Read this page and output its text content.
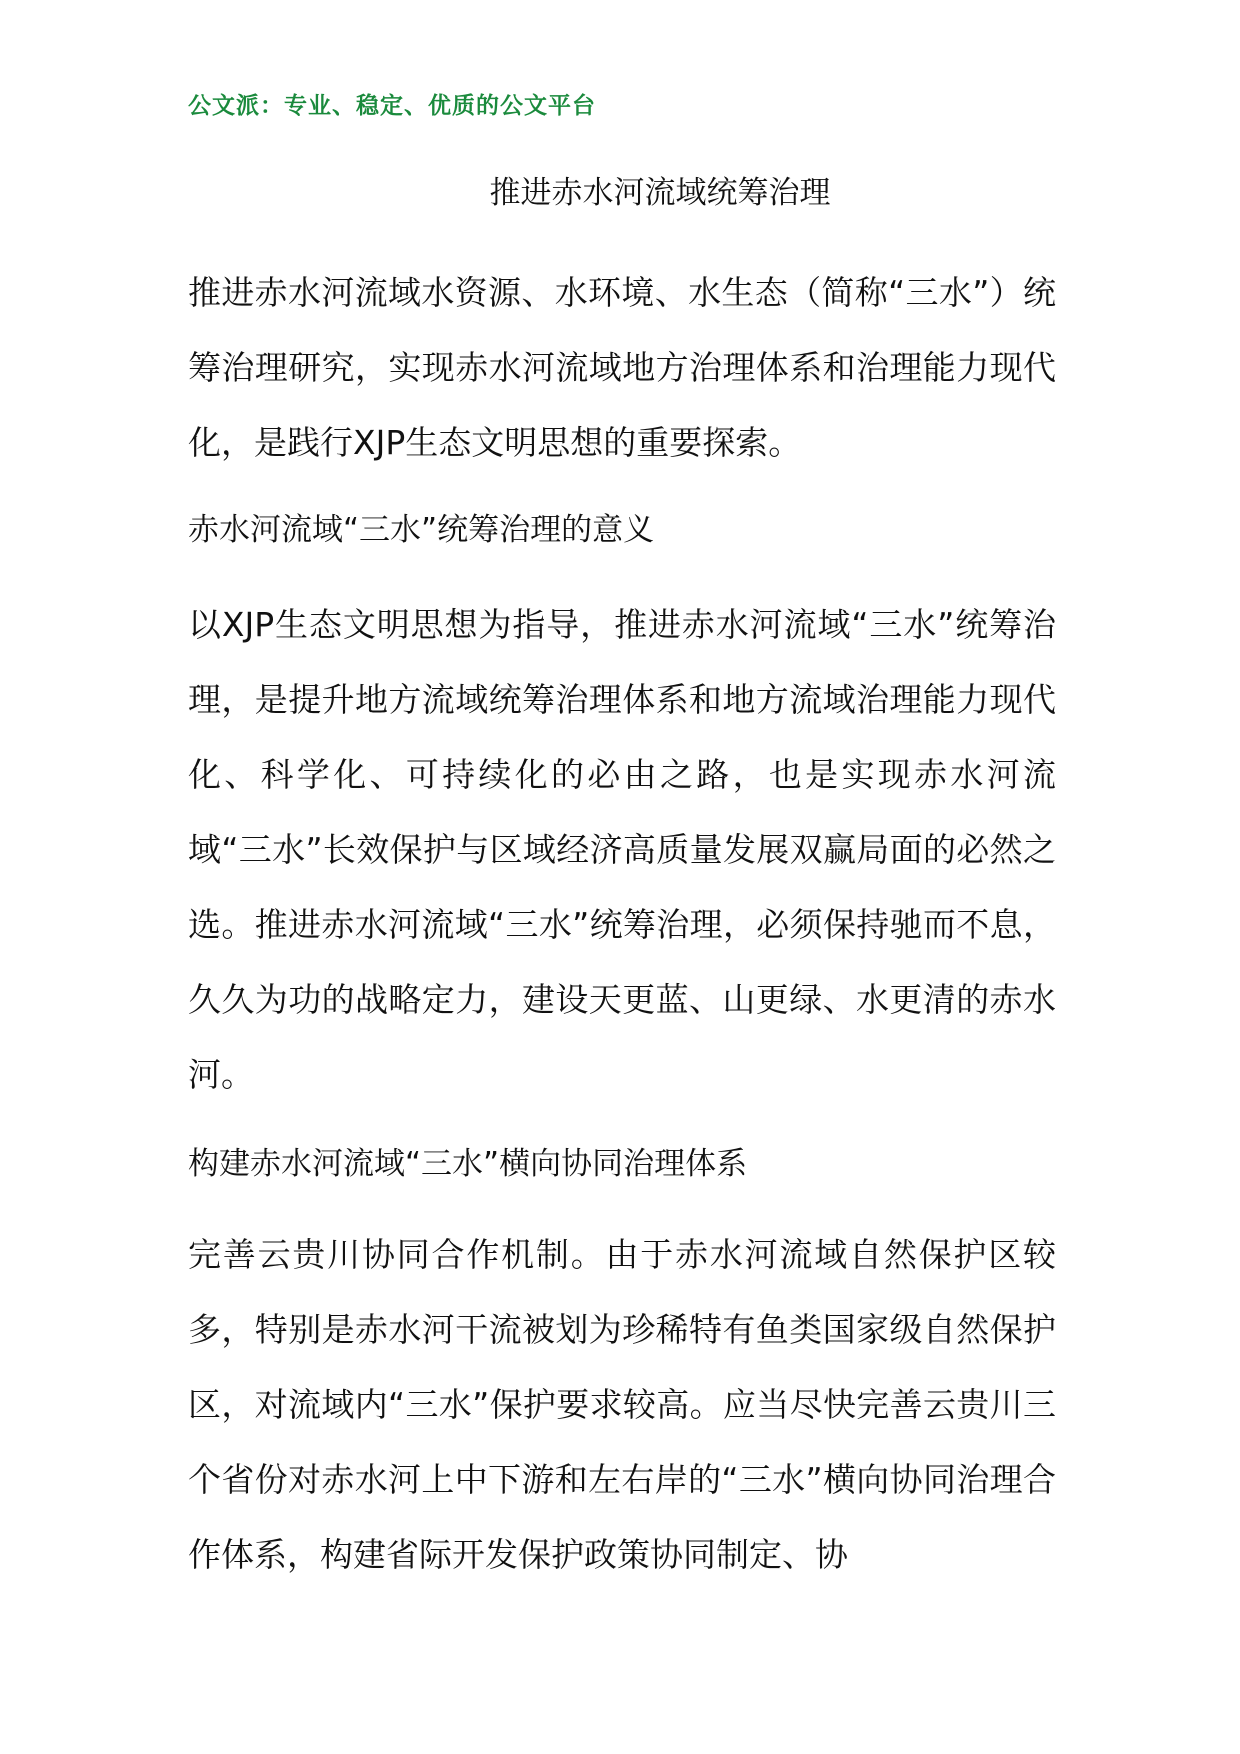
公文派：专业、稳定、优质的公文平台
推进赤水河流域统筹治理
推进赤水河流域水资源、水环境、水生态（简称“三水”）统筹治理研究，实现赤水河流域地方治理体系和治理能力现代化，是践行XJP生态文明思想的重要探索。
赤水河流域“三水”统筹治理的意义
以XJP生态文明思想为指导，推进赤水河流域“三水”统筹治理，是提升地方流域统筹治理体系和地方流域治理能力现代化、科学化、可持续化的必由之路，也是实现赤水河流域“三水”长效保护与区域经济高质量发展双赢局面的必然之选。推进赤水河流域“三水”统筹治理，必须保持驰而不息，久久为功的战略定力，建设天更蓝、山更绿、水更清的赤水河。
构建赤水河流域“三水”横向协同治理体系
完善云贵川协同合作机制。由于赤水河流域自然保护区较多，特别是赤水河干流被划为珍稀特有鱼类国家级自然保护区，对流域内“三水”保护要求较高。应当尽快完善云贵川三个省份对赤水河上中下游和左右岸的“三水”横向协同治理合作体系，构建省际开发保护政策协同制定、协
